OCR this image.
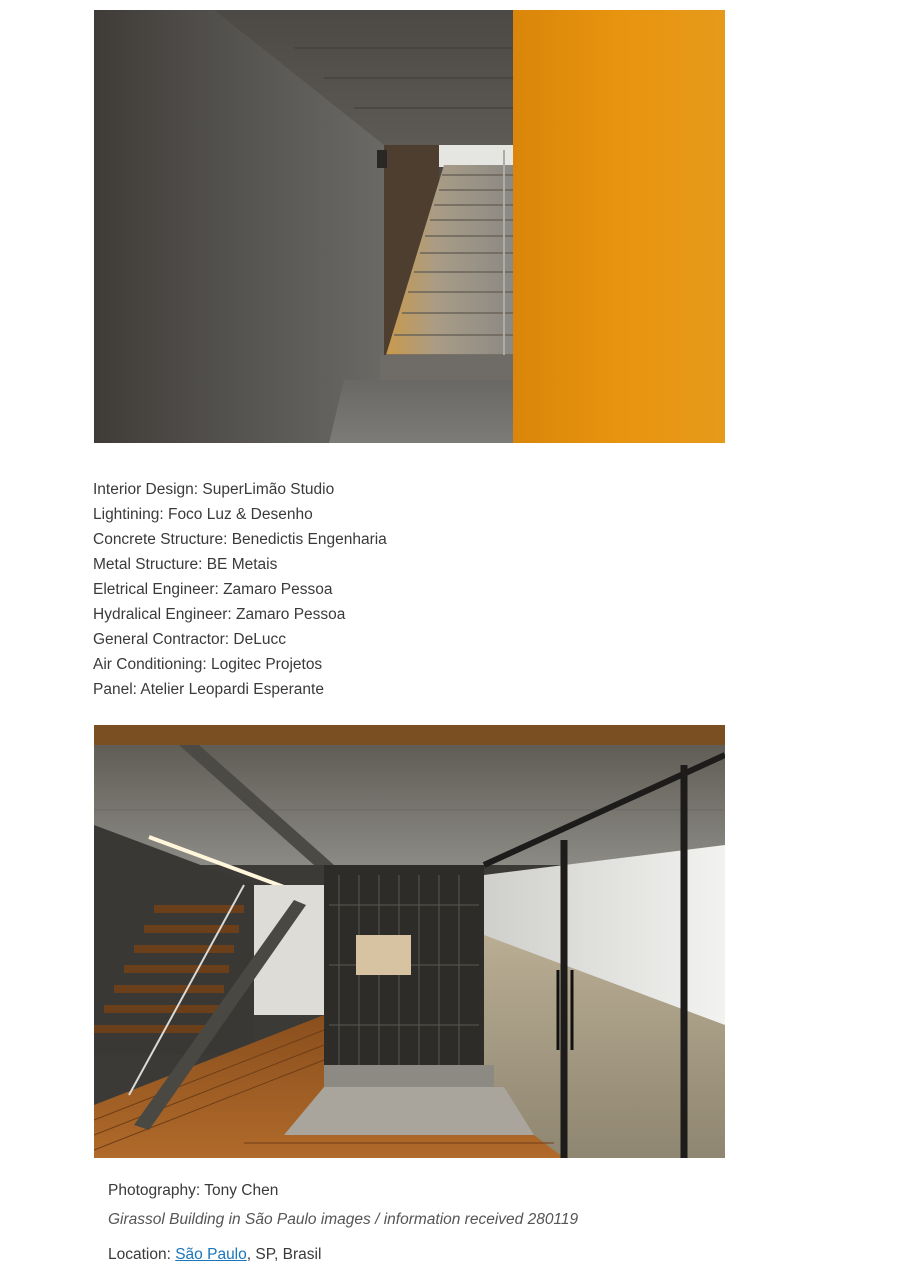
Interior Design: SuperLimão Studio
Lightining: Foco Luz & Desenho
Concrete Structure: Benedictis Engenharia
Metal Structure: BE Metais
Eletrical Engineer: Zamaro Pessoa
Hydralical Engineer: Zamaro Pessoa
General Contractor: DeLucc
Air Conditioning: Logitec Projetos
Panel: Atelier Leopardi Esperante
Photography: Tony Chen
Girassol Building in São Paulo images / information received 280119
Location: São Paulo, SP, Brasil
